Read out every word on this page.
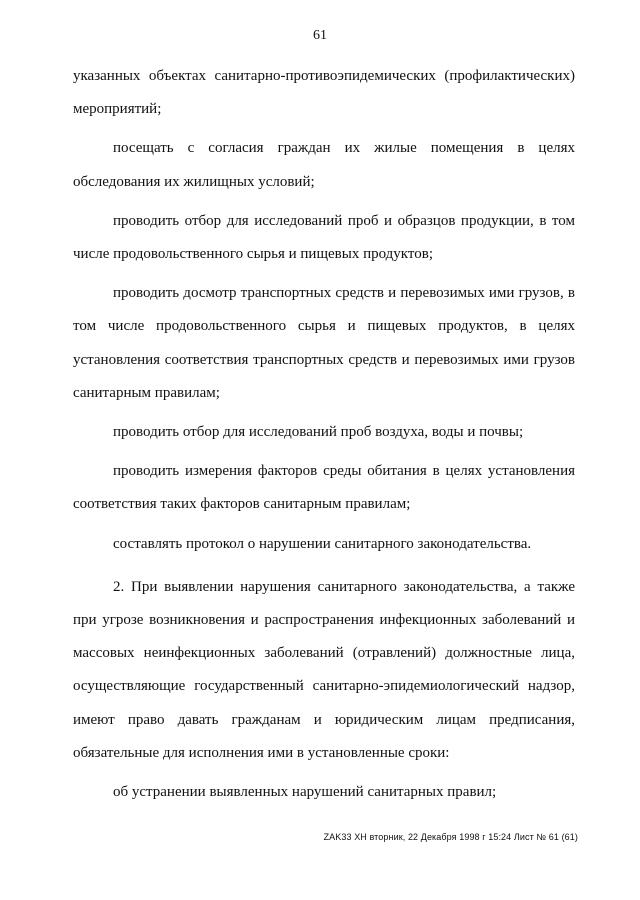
61

указанных объектах санитарно-противоэпидемических (профилактических) мероприятий;

посещать с согласия граждан их жилые помещения в целях обследования их жилищных условий;

проводить отбор для исследований проб и образцов продукции, в том числе продовольственного сырья и пищевых продуктов;

проводить досмотр транспортных средств и перевозимых ими грузов, в том числе продовольственного сырья и пищевых продуктов, в целях установления соответствия транспортных средств и перевозимых ими грузов санитарным правилам;

проводить отбор для исследований проб воздуха, воды и почвы;

проводить измерения факторов среды обитания в целях установления соответствия таких факторов санитарным правилам;

составлять протокол о нарушении санитарного законодательства.

2. При выявлении нарушения санитарного законодательства, а также при угрозе возникновения и распространения инфекционных заболеваний и массовых неинфекционных заболеваний (отравлений) должностные лица, осуществляющие государственный санитарно-эпидемиологический надзор, имеют право давать гражданам и юридическим лицам предписания, обязательные для исполнения ими в установленные сроки:

об устранении выявленных нарушений санитарных правил;

ZAK33 ХН вторник, 22 Декабря 1998 г 15:24 Лист № 61 (61)
